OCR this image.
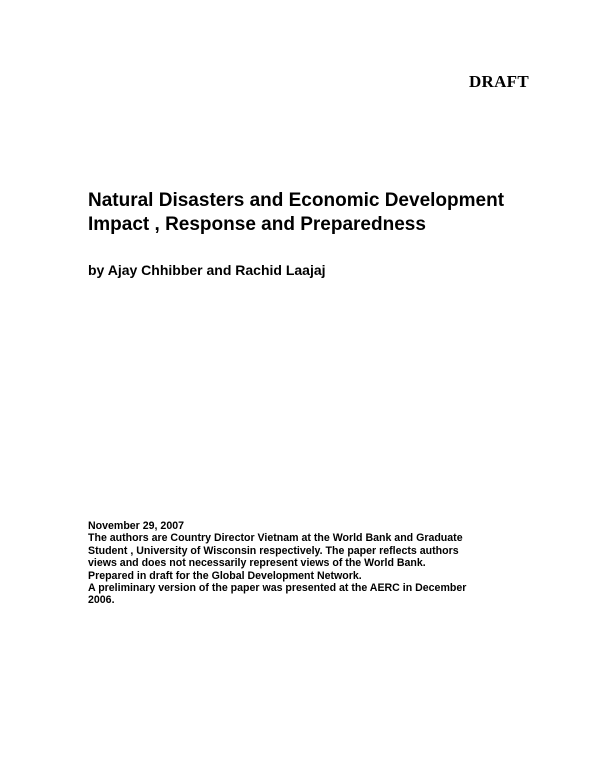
DRAFT
Natural Disasters and Economic Development
Impact , Response and Preparedness
by Ajay Chhibber and Rachid Laajaj
November 29, 2007
The authors are Country Director Vietnam at the World Bank and Graduate
Student , University of Wisconsin respectively. The paper reflects authors
views and does not necessarily represent views of the World Bank.
Prepared in draft for the Global Development Network.
A preliminary version of the paper was presented at the AERC in December
2006.
